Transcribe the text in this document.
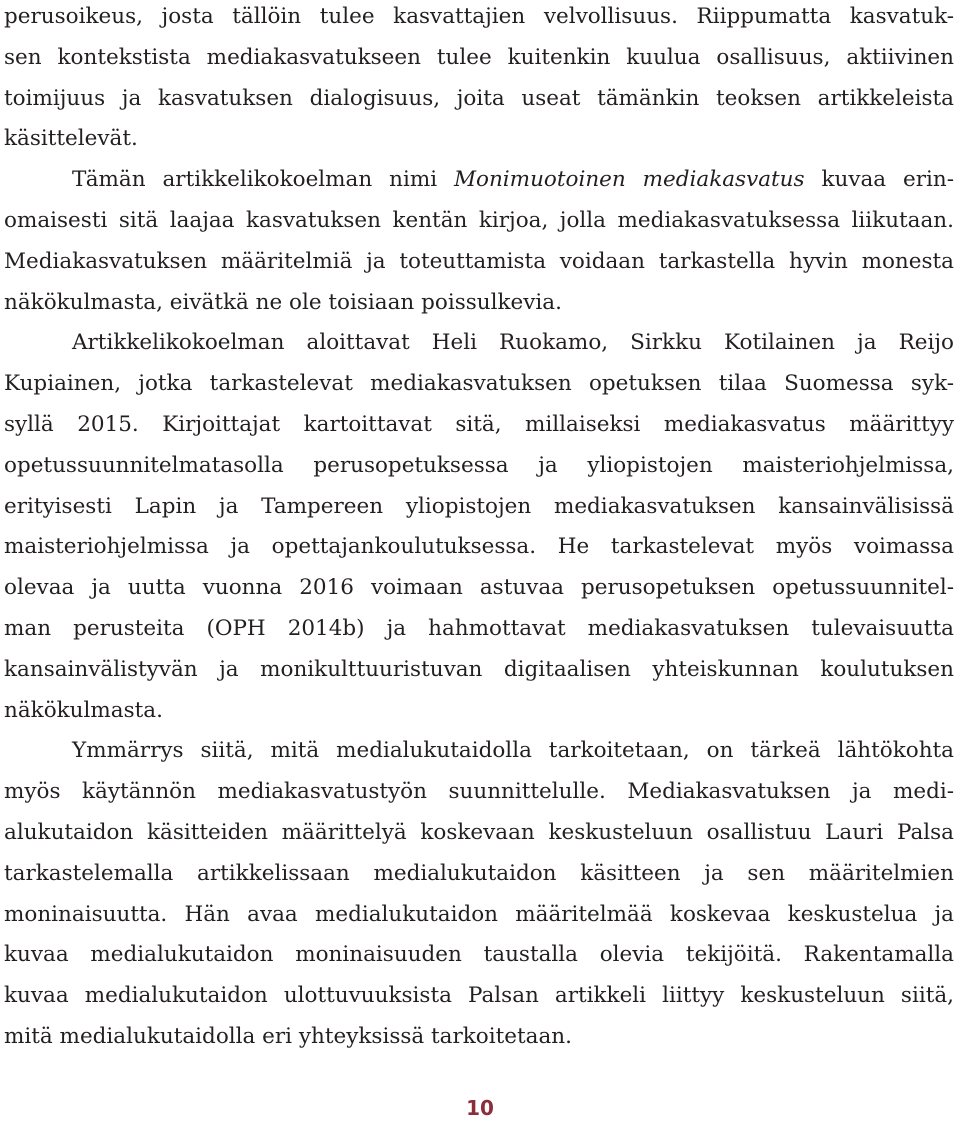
perusoikeus, josta tällöin tulee kasvattajien velvollisuus. Riippumatta kasvatuk-
sen kontekstista mediakasvatukseen tulee kuitenkin kuulua osallisuus, aktiivinen
toimijuus ja kasvatuksen dialogisuus, joita useat tämänkin teoksen artikkeleista
käsittelevät.

Tämän artikkelikokoelman nimi Monimuotoinen mediakasvatus kuvaa erin-
omaisesti sitä laajaa kasvatuksen kentän kirjoa, jolla mediakasvatuksessa liikutaan.
Mediakasvatuksen määritelmiä ja toteuttamista voidaan tarkastella hyvin monesta
näkökulmasta, eivätkä ne ole toisiaan poissulkevia.

Artikkelikokoelman aloittavat Heli Ruokamo, Sirkku Kotilainen ja Reijo
Kupiainen, jotka tarkastelevat mediakasvatuksen opetuksen tilaa Suomessa syk-
syllä 2015. Kirjoittajat kartoittavat sitä, millaiseksi mediakasvatus määrittyy
opetussuunnitelmatasolla perusopetuksessa ja yliopistojen maisteriohjelmissa,
erityisesti Lapin ja Tampereen yliopistojen mediakasvatuksen kansainvälisissä
maisteriohjelmissa ja opettajankoulutuksessa. He tarkastelevat myös voimassa
olevaa ja uutta vuonna 2016 voimaan astuvaa perusopetuksen opetussuunnitel-
man perusteita (OPH 2014b) ja hahmottavat mediakasvatuksen tulevaisuutta
kansainvälistyvän ja monikulttuuristuvan digitaalisen yhteiskunnan koulutuksen
näkökulmasta.

Ymmärrys siitä, mitä medialukutaidolla tarkoitetaan, on tärkeä lähtökohta
myös käytännön mediakasvatustyön suunnittelulle. Mediakasvatuksen ja medi-
alukutaidon käsitteiden määrittelyä koskevaan keskusteluun osallistuu Lauri Palsa
tarkastelemalla artikkelissaan medialukutaidon käsitteen ja sen määritelmien
moninaisuutta. Hän avaa medialukutaidon määritelmää koskevaa keskustelua ja
kuvaa medialukutaidon moninaisuuden taustalla olevia tekijöitä. Rakentamalla
kuvaa medialukutaidon ulottuvuuksista Palsan artikkeli liittyy keskusteluun siitä,
mitä medialukutaidolla eri yhteyksissä tarkoitetaan.

10
